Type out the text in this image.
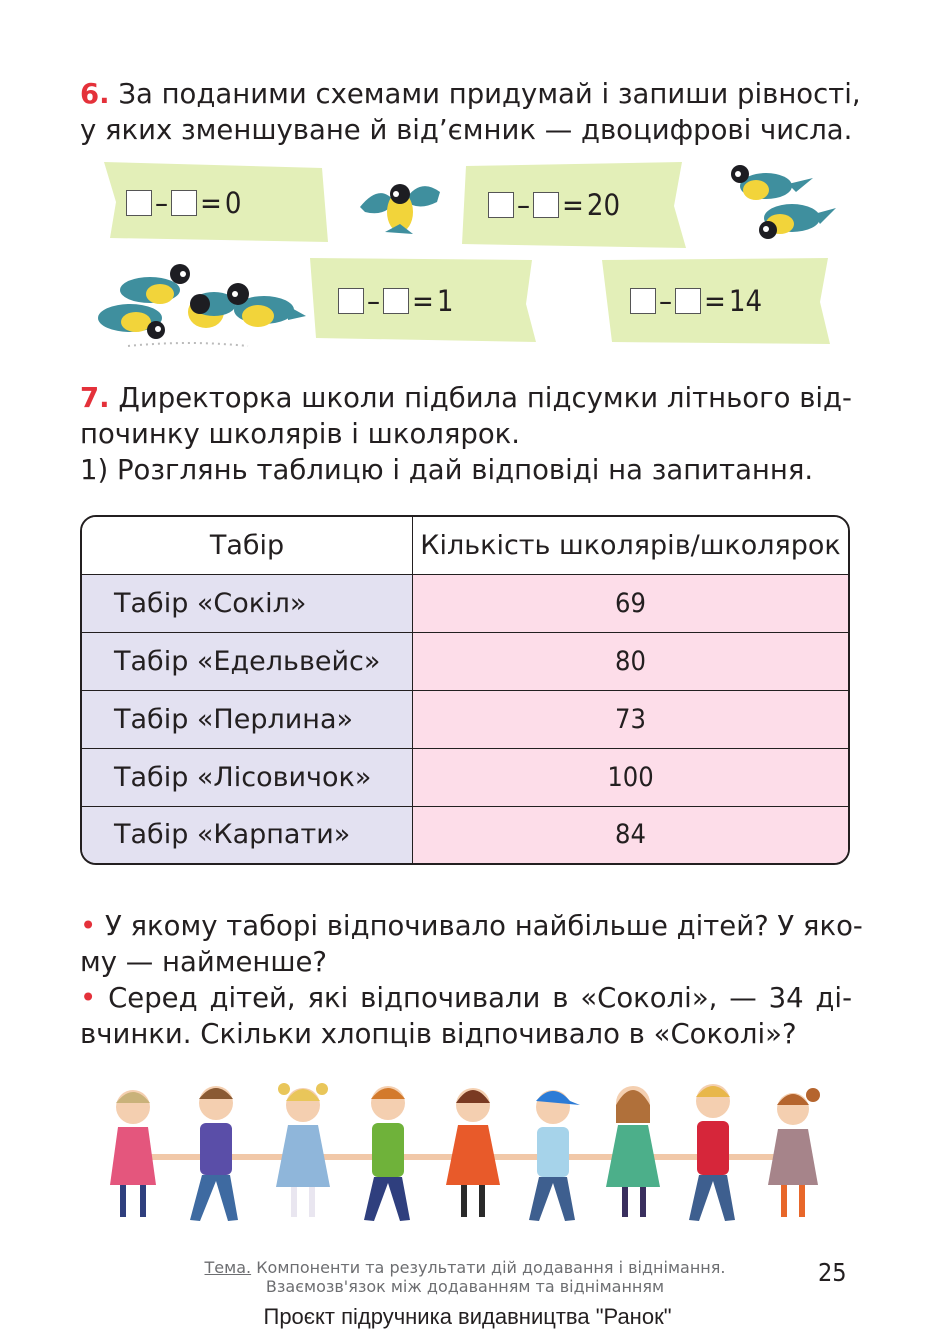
6. За поданими схемами придумай і запиши рівності,
у яких зменшуване й від’ємник — двоцифрові числа.
– = 0	– = 20
– = 1	– = 14
7. Директорка школи підбила підсумки літнього від-
починку школярів і школярок.
1) Розглянь таблицю і дай відповіді на запитання.
Табір	Кількість школярів/школярок
Табір «Сокіл»	69
Табір «Едельвейс»	80
Табір «Перлина»	73
Табір «Лісовичок»	100
Табір «Карпати»	84
• У якому таборі відпочивало найбільше дітей? У яко-
му — найменше?
• Серед дітей, які відпочивали в «Соколі», — 34 ді-
вчинки. Скільки хлопців відпочивало в «Соколі»?
Тема. Компоненти та результати дій додавання і віднімання.
Взаємозв'язок між додаванням та відніманням	25
Проєкт підручника видавництва "Ранок"
